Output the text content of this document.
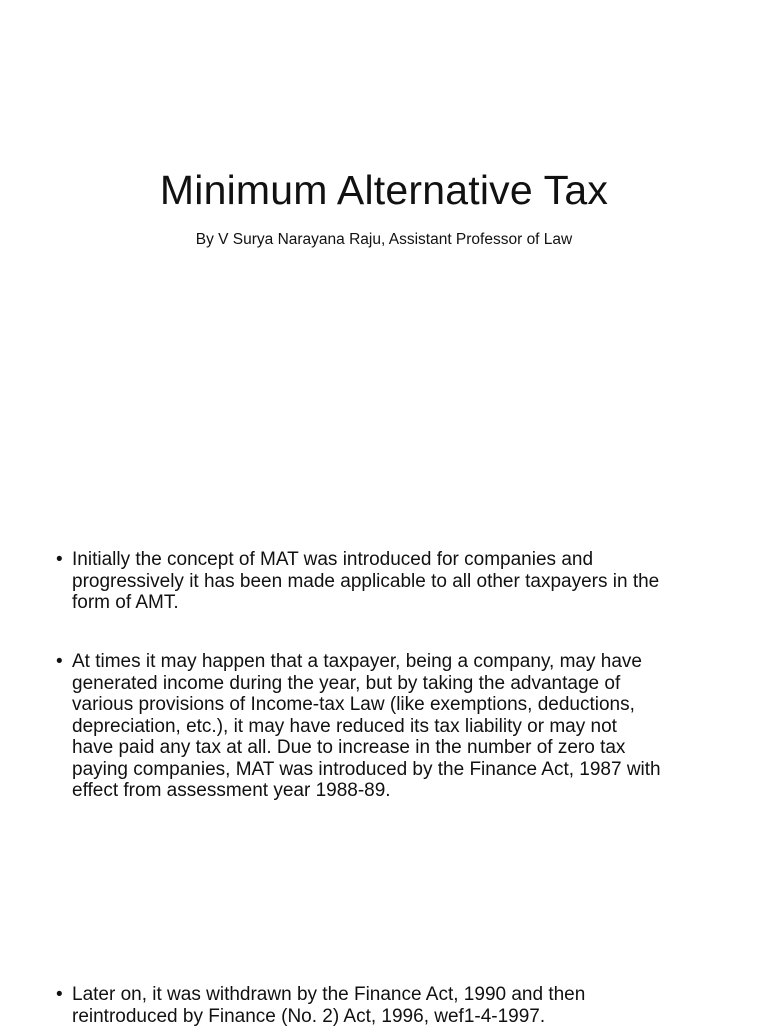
Minimum Alternative Tax

By V Surya Narayana Raju, Assistant Professor of Law

• Initially the concept of MAT was introduced for companies and
progressively it has been made applicable to all other taxpayers in the
form of AMT.
• At times it may happen that a taxpayer, being a company, may have
generated income during the year, but by taking the advantage of
various provisions of Income-tax Law (like exemptions, deductions,
depreciation, etc.), it may have reduced its tax liability or may not
have paid any tax at all. Due to increase in the number of zero tax
paying companies, MAT was introduced by the Finance Act, 1987 with
effect from assessment year 1988-89.
• Later on, it was withdrawn by the Finance Act, 1990 and then
reintroduced by Finance (No. 2) Act, 1996, wef1-4-1997.
